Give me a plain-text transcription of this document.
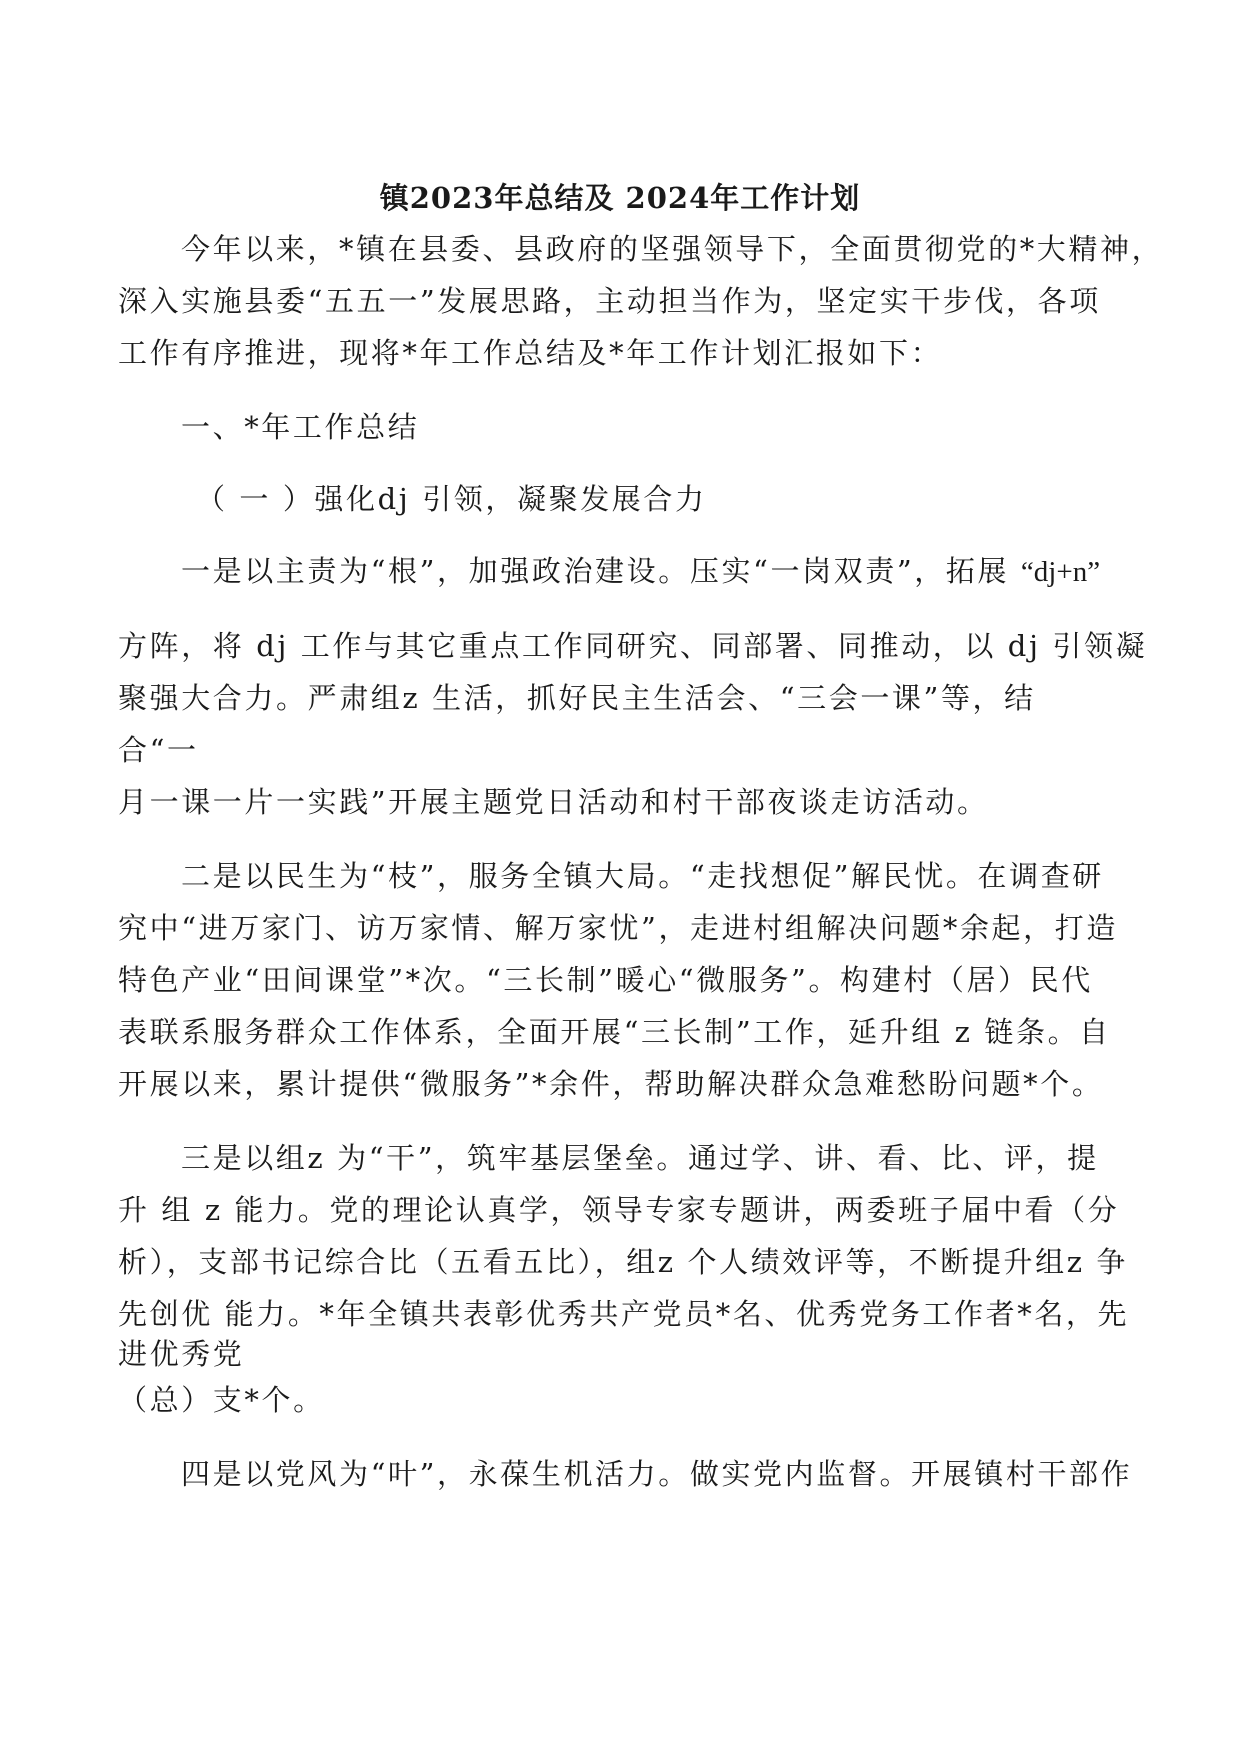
镇2023年总结及 2024年工作计划
今年以来，*镇在县委、县政府的坚强领导下，全面贯彻党的*大精神，
深入实施县委“五五一”发展思路，主动担当作为，坚定实干步伐，各项
工作有序推进，现将*年工作总结及*年工作计划汇报如下：
一、*年工作总结
（ 一 ）强化dj 引领，凝聚发展合力
一是以主责为“根”，加强政治建设。压实“一岗双责”，拓展 “dj+n”
方阵，将 dj 工作与其它重点工作同研究、同部署、同推动，以 dj 引领凝
聚强大合力。严肃组z 生活，抓好民主生活会、“三会一课”等，结
合“一
月一课一片一实践”开展主题党日活动和村干部夜谈走访活动。
二是以民生为“枝”，服务全镇大局。“走找想促”解民忧。在调查研
究中“进万家门、访万家情、解万家忧”，走进村组解决问题*余起，打造
特色产业“田间课堂”*次。“三长制”暖心“微服务”。构建村（居）民代
表联系服务群众工作体系，全面开展“三长制”工作，延升组 z 链条。自
开展以来，累计提供“微服务”*余件，帮助解决群众急难愁盼问题*个。
三是以组z 为“干”，筑牢基层堡垒。通过学、讲、看、比、评，提
升 组 z 能力。党的理论认真学，领导专家专题讲，两委班子届中看（分
析），支部书记综合比（五看五比），组z 个人绩效评等，不断提升组z 争
先创优 能力。*年全镇共表彰优秀共产党员*名、优秀党务工作者*名，先
进优秀党
（总）支*个。
四是以党风为“叶”，永葆生机活力。做实党内监督。开展镇村干部作
